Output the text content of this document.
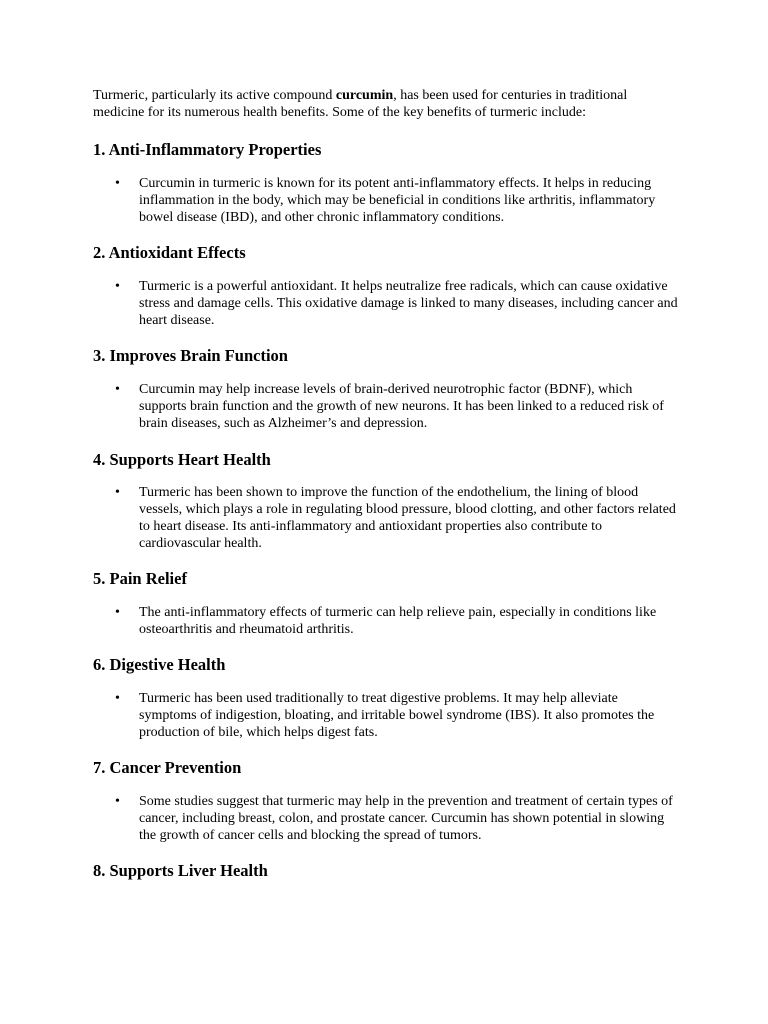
Turmeric, particularly its active compound curcumin, has been used for centuries in traditional medicine for its numerous health benefits. Some of the key benefits of turmeric include:

1. Anti-Inflammatory Properties
• Curcumin in turmeric is known for its potent anti-inflammatory effects. It helps in reducing inflammation in the body, which may be beneficial in conditions like arthritis, inflammatory bowel disease (IBD), and other chronic inflammatory conditions.
2. Antioxidant Effects
• Turmeric is a powerful antioxidant. It helps neutralize free radicals, which can cause oxidative stress and damage cells. This oxidative damage is linked to many diseases, including cancer and heart disease.
3. Improves Brain Function
• Curcumin may help increase levels of brain-derived neurotrophic factor (BDNF), which supports brain function and the growth of new neurons. It has been linked to a reduced risk of brain diseases, such as Alzheimer’s and depression.
4. Supports Heart Health
• Turmeric has been shown to improve the function of the endothelium, the lining of blood vessels, which plays a role in regulating blood pressure, blood clotting, and other factors related to heart disease. Its anti-inflammatory and antioxidant properties also contribute to cardiovascular health.
5. Pain Relief
• The anti-inflammatory effects of turmeric can help relieve pain, especially in conditions like osteoarthritis and rheumatoid arthritis.
6. Digestive Health
• Turmeric has been used traditionally to treat digestive problems. It may help alleviate symptoms of indigestion, bloating, and irritable bowel syndrome (IBS). It also promotes the production of bile, which helps digest fats.
7. Cancer Prevention
• Some studies suggest that turmeric may help in the prevention and treatment of certain types of cancer, including breast, colon, and prostate cancer. Curcumin has shown potential in slowing the growth of cancer cells and blocking the spread of tumors.
8. Supports Liver Health
